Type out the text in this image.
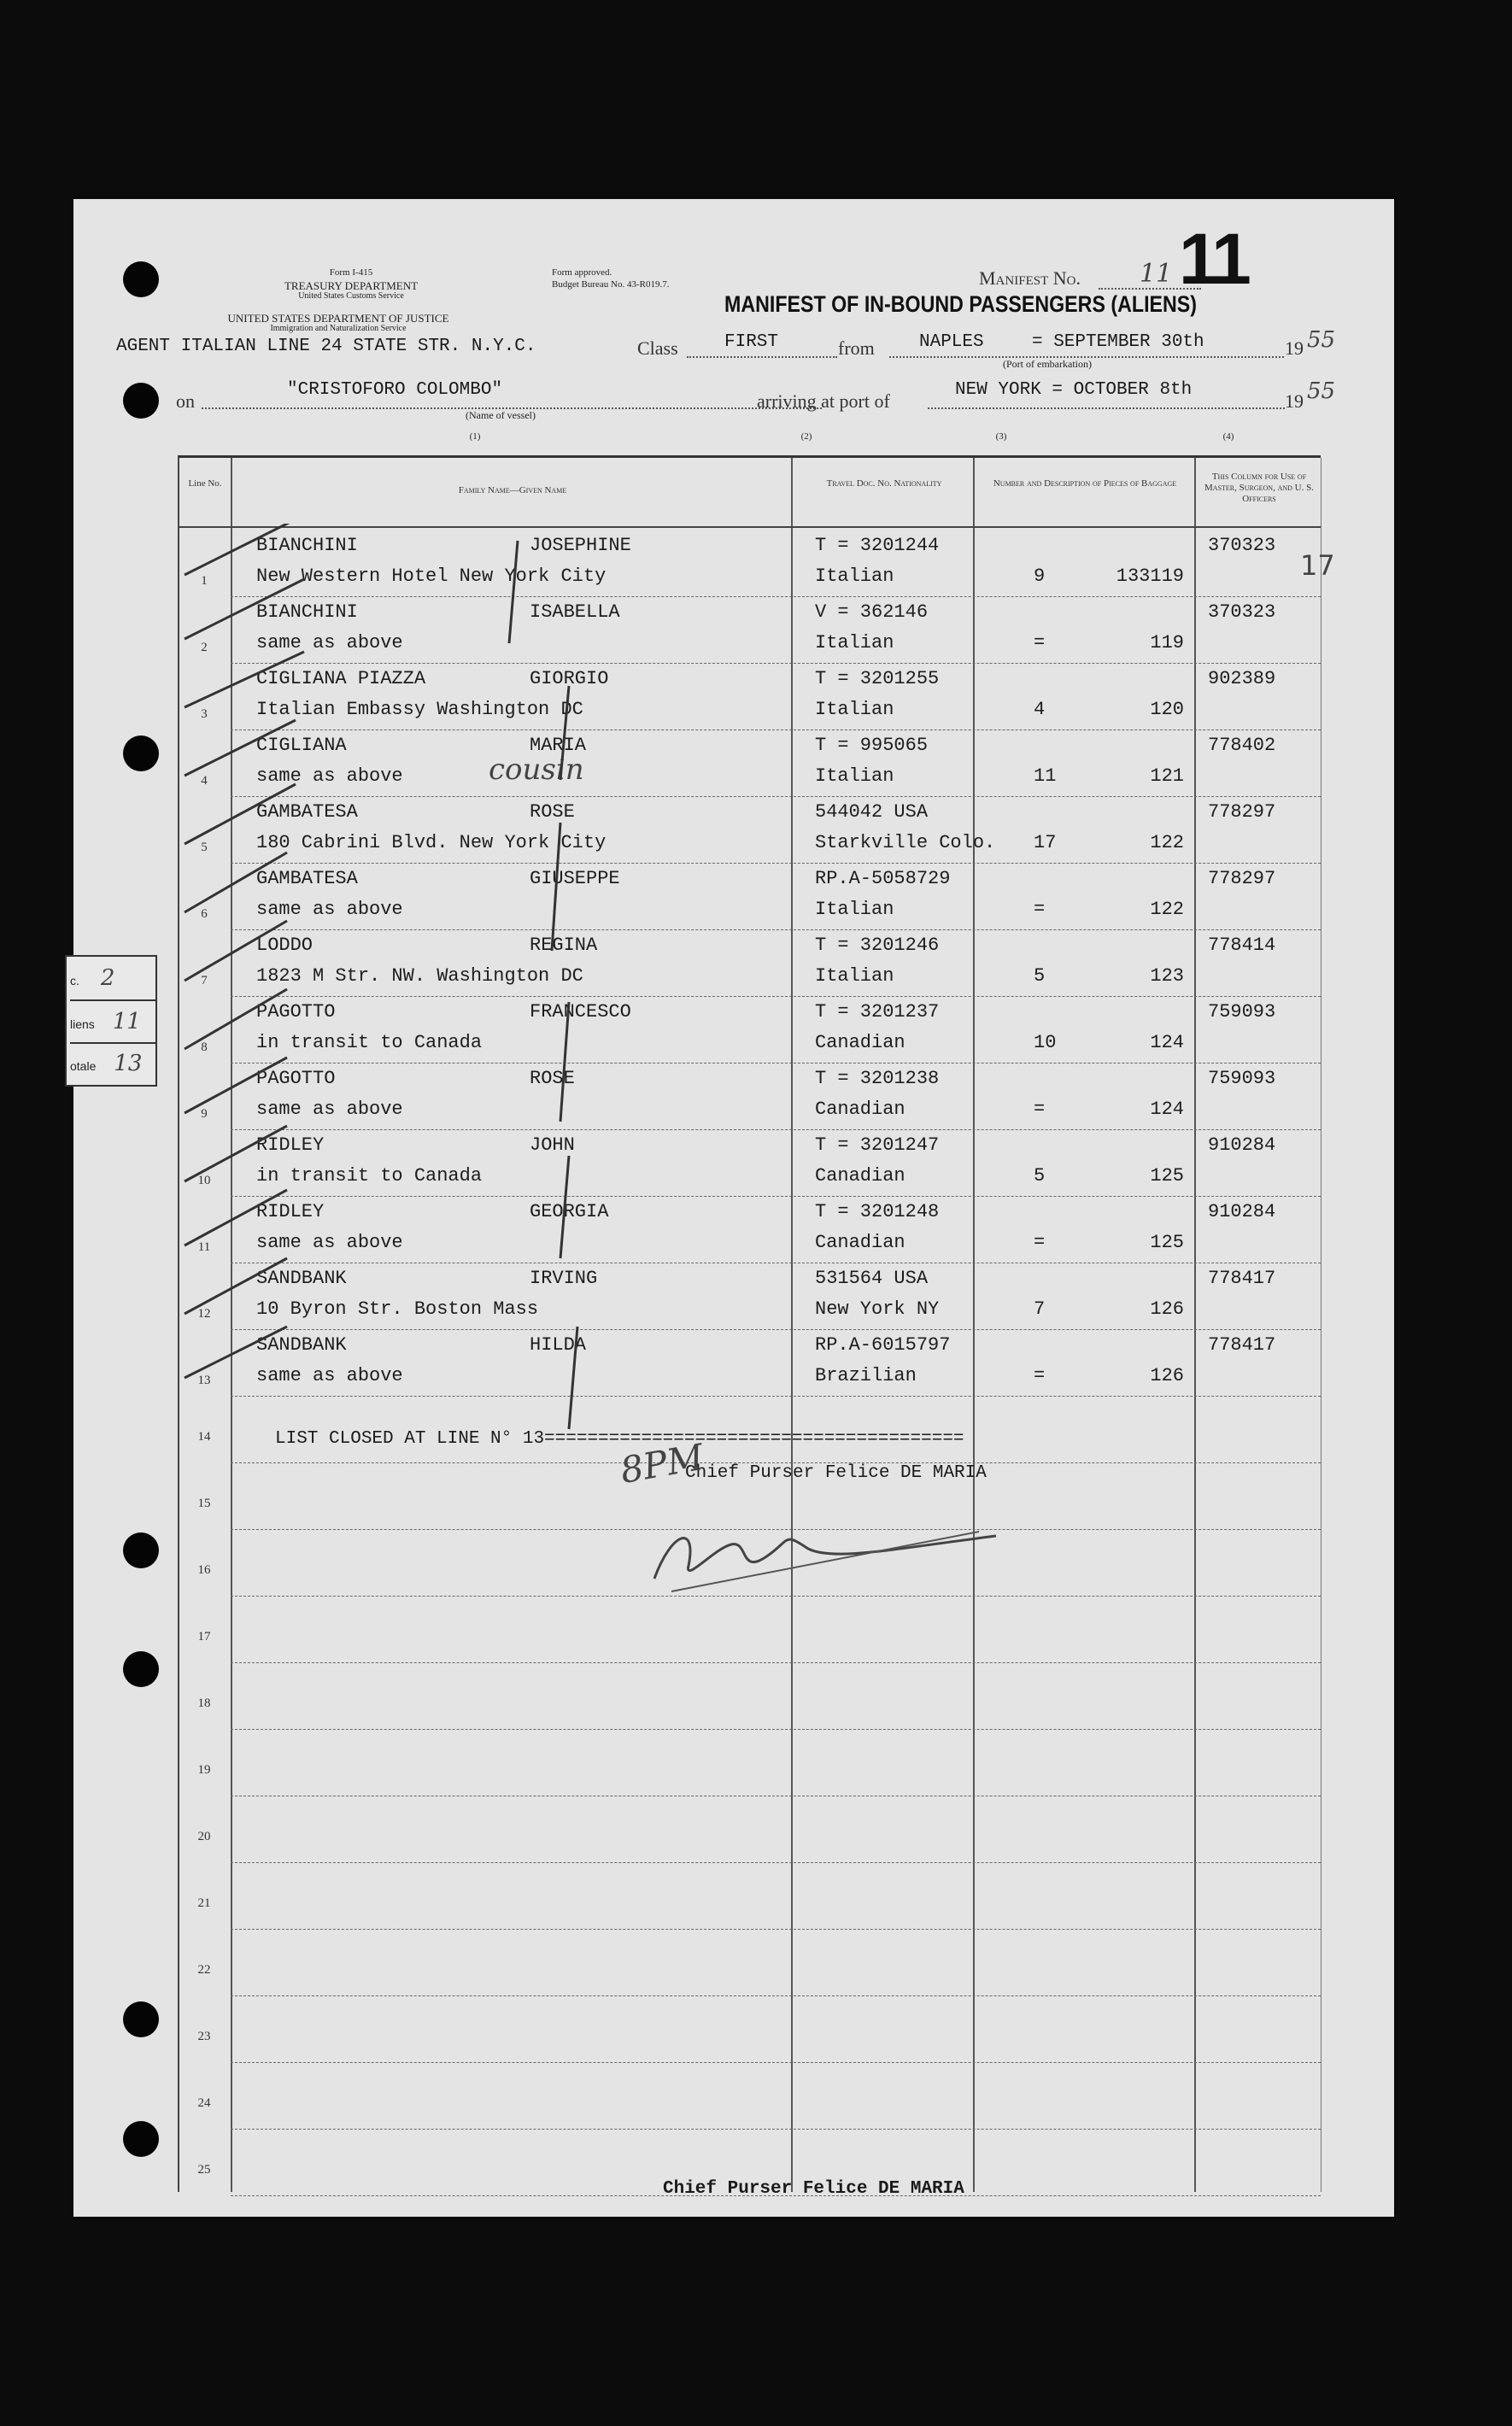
Form I-415
TREASURY DEPARTMENT
United States Customs Service
Form approved.
Budget Bureau No. 43-R019.7.
UNITED STATES DEPARTMENT OF JUSTICE
Immigration and Naturalization Service
AGENT ITALIAN LINE 24 STATE STR. N.Y.C.
Manifest No. 11 11
MANIFEST OF IN-BOUND PASSENGERS (ALIENS)
Class	FIRST	from NAPLES	= SEPTEMBER 30th	19 55
(Port of embarkation)
on
"CRISTOFORO COLOMBO"
(Name of vessel)
arriving at port of
NEW YORK = OCTOBER 8th
19 55
(1)	(2)	(3)	(4)
c. 2
liens 11
otale 13
Line No.
Family Name—Given Name
Travel Doc. No. Nationality	Number and Description of Pieces of Baggage
This Column for Use of Master, Surgeon, and U. S. Officers
1
BIANCHINI	JOSEPHINE
New Western Hotel New York City
T = 3201244
Italian	9	133119
370323
2
BIANCHINI	ISABELLA
same as above
V = 362146
Italian	=	119
370323
3
CIGLIANA PIAZZA	GIORGIO
Italian Embassy Washington DC
T = 3201255
Italian	4	120
902389
4
CIGLIANA	MARIA
same as above
T = 995065
Italian	11	121
778402
5
GAMBATESA	ROSE
180 Cabrini Blvd. New York City
544042 USA
Starkville Colo. 17	122
778297
6
GAMBATESA	GIUSEPPE
same as above
RP.A-5058729
Italian	=	122
778297
7
LODDO	REGINA
1823 M Str. NW. Washington DC
T = 3201246
Italian	5	123
778414
8
PAGOTTO	FRANCESCO
in transit to Canada
T = 3201237
Canadian	10	124
759093
9
PAGOTTO	ROSE
same as above
T = 3201238
Canadian	=	124
759093
10
RIDLEY	JOHN
in transit to Canada
T = 3201247
Canadian	5	125
910284
11
RIDLEY	GEORGIA
same as above
T = 3201248
Canadian	=	125
910284
12
SANDBANK	IRVING
10 Byron Str. Boston Mass
531564 USA
New York NY	7	126
778417
13
SANDBANK	HILDA
same as above
RP.A-6015797
Brazilian	=	126
778417
14
15
16
17
18
19
20
21
22
23
24
25
17
LIST CLOSED AT LINE N° 13=======================================
Chief Purser Felice DE MARIA
8PM
cousin
Chief Purser Felice DE MARIA
